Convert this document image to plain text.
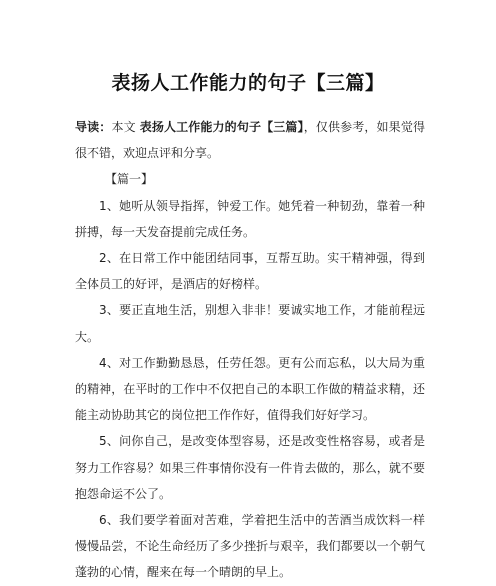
表扬人工作能力的句子【三篇】

导读：本文 表扬人工作能力的句子【三篇】，仅供参考，如果觉得很不错，欢迎点评和分享。

【篇一】

1、她听从领导指挥，钟爱工作。她凭着一种韧劲，靠着一种拼搏，每一天发奋提前完成任务。

2、在日常工作中能团结同事，互帮互助。实干精神强，得到全体员工的好评，是酒店的好榜样。

3、要正直地生活，别想入非非！要诚实地工作，才能前程远大。

4、对工作勤勤恳恳，任劳任怨。更有公而忘私，以大局为重的精神，在平时的工作中不仅把自己的本职工作做的精益求精，还能主动协助其它的岗位把工作作好，值得我们好好学习。

5、问你自己，是改变体型容易，还是改变性格容易，或者是努力工作容易？如果三件事情你没有一件肯去做的，那么，就不要抱怨命运不公了。

6、我们要学着面对苦难，学着把生活中的苦酒当成饮料一样慢慢品尝，不论生命经历了多少挫折与艰辛，我们都要以一个朝气蓬勃的心情，醒来在每一个晴朗的早上。
